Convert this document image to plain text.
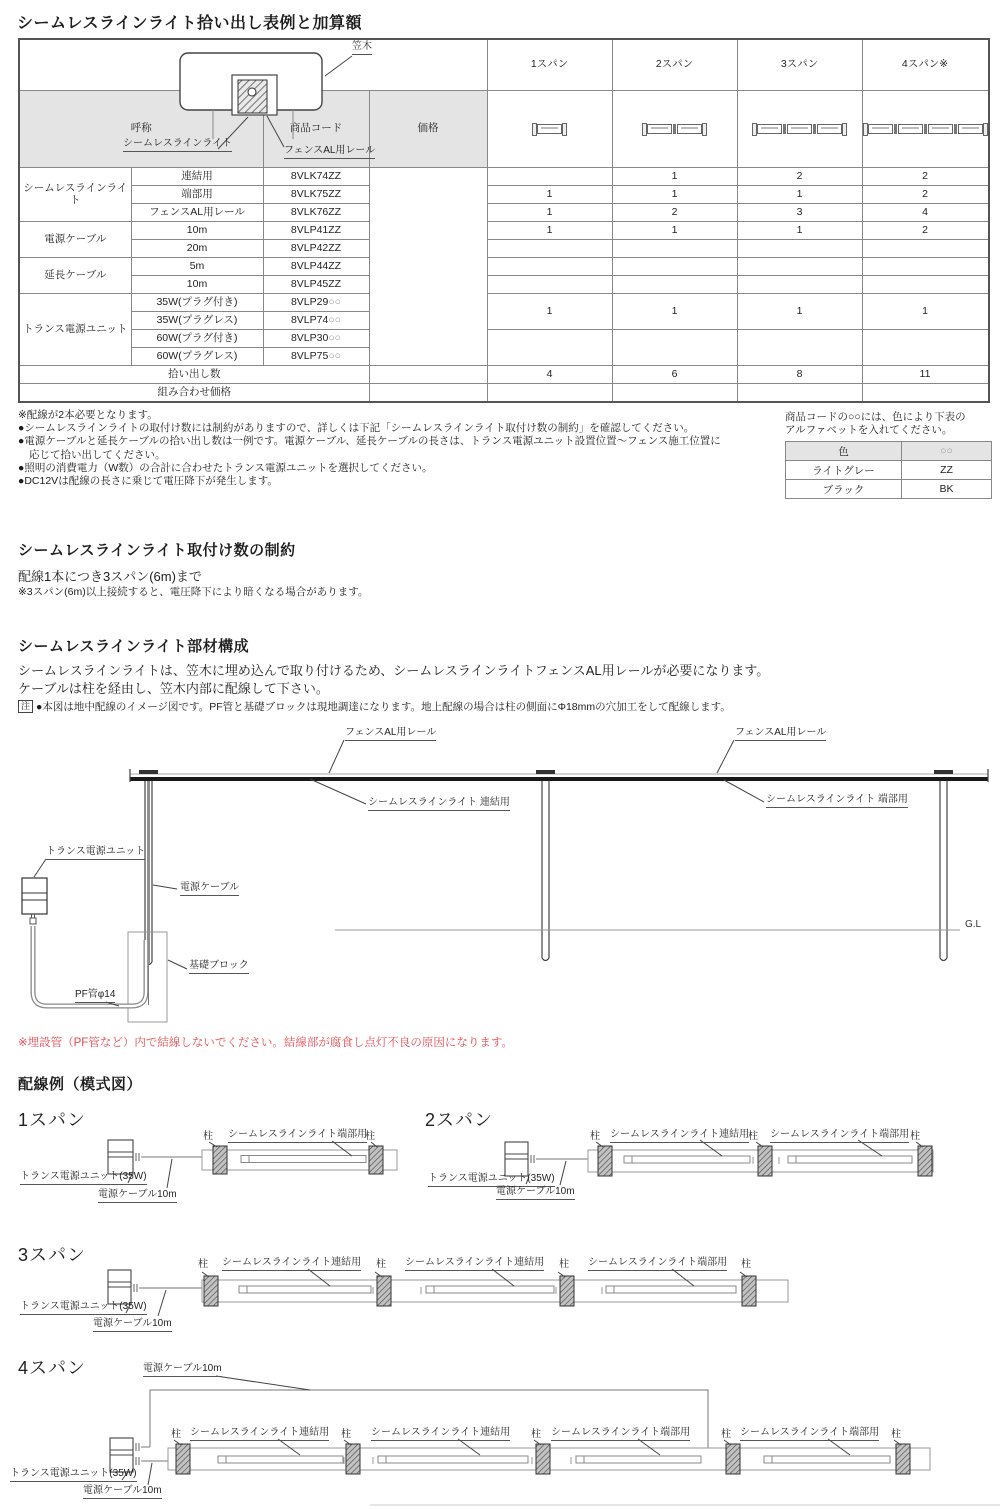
シームレスラインライト拾い出し表例と加算額
				1スパン	2スパン	3スパン	4スパン※

呼称		商品コード	価格				
シームレスラインライト	連結用	8VLK74ZZ			1	2	2
	端部用	8VLK75ZZ		1	1	1	2
	フェンスAL用レール	8VLK76ZZ		1	2	3	4
電源ケーブル	10m	8VLP41ZZ		1	1	1	2
	20m	8VLP42ZZ					
延長ケーブル	5m	8VLP44ZZ					
	10m	8VLP45ZZ					
トランス電源ユニット	35W(プラグ付き)	8VLP29○○		1	1	1	1
	35W(プラグレス)	8VLP74○○					
	60W(プラグ付き)	8VLP30○○					
	60W(プラグレス)	8VLP75○○					
拾い出し数				4	6	8	11
組み合わせ価格							
笠木
シームレスラインライト
フェンスAL用レール
※配線が2本必要となります。
●シームレスラインライトの取付け数には制約がありますので、詳しくは下記「シームレスラインライト取付け数の制約」を確認してください。
●電源ケーブルと延長ケーブルの拾い出し数は一例です。電源ケーブル、延長ケーブルの長さは、トランス電源ユニット設置位置～フェンス施工位置に
応じて拾い出してください。
●照明の消費電力（W数）の合計に合わせたトランス電源ユニットを選択してください。
●DC12Vは配線の長さに乗じて電圧降下が発生します。
商品コードの○○には、色により下表の
アルファベットを入れてください。
色	○○
ライトグレー	ZZ
ブラック	BK
シームレスラインライト取付け数の制約
配線1本につき3スパン(6m)まで
※3スパン(6m)以上接続すると、電圧降下により暗くなる場合があります。
シームレスラインライト部材構成
シームレスラインライトは、笠木に埋め込んで取り付けるため、シームレスラインライトフェンスAL用レールが必要になります。
ケーブルは柱を経由し、笠木内部に配線して下さい。
注 ●本図は地中配線のイメージ図です。PF管と基礎ブロックは現地調達になります。地上配線の場合は柱の側面にΦ18mmの穴加工をして配線します。
フェンスAL用レール
シームレスラインライト 連結用
フェンスAL用レール
シームレスラインライト 端部用
トランス電源ユニット
電源ケーブル
基礎ブロック
PF管φ14
G.L
※埋設管（PF管など）内で結線しないでください。結線部が腐食し点灯不良の原因になります。
配線例（模式図）
1スパン	2スパン
3スパン
4スパン
トランス電源ユニット(35W)
電源ケーブル10m
柱	柱
シームレスラインライト端部用
トランス電源ユニット(35W)
電源ケーブル10m
柱 シームレスラインライト連結用
柱 シームレスラインライト端部用 柱
トランス電源ユニット(35W)
電源ケーブル10m
柱 シームレスラインライト連結用 柱 シームレスラインライト連結用 柱 シームレスラインライト端部用 柱
電源ケーブル10m
トランス電源ユニット(35W)
電源ケーブル10m
柱 シームレスラインライト連結用 柱 シームレスラインライト連結用 柱 シームレスラインライト端部用	柱 シームレスラインライト端部用 柱
